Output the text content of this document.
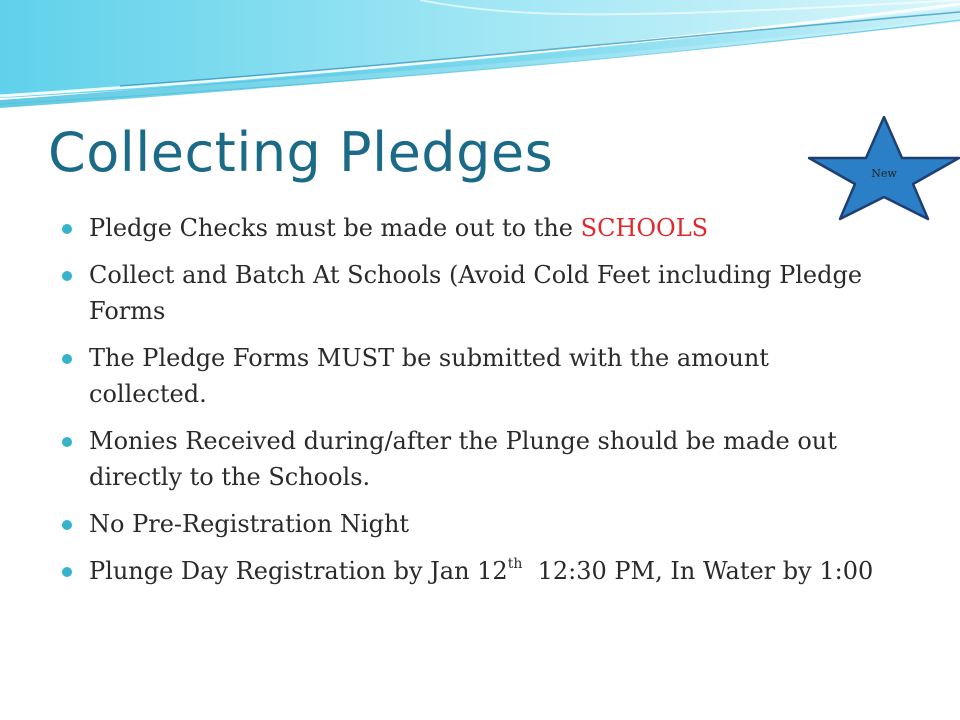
Collecting Pledges	New
Pledge Checks must be made out to the SCHOOLS
Collect and Batch At Schools (Avoid Cold Feet including Pledge Forms
The Pledge Forms MUST be submitted with the amount collected.
Monies Received during/after the Plunge should be made out directly to the Schools.
No Pre-Registration Night
Plunge Day Registration by Jan 12th  12:30 PM, In Water by 1:00
